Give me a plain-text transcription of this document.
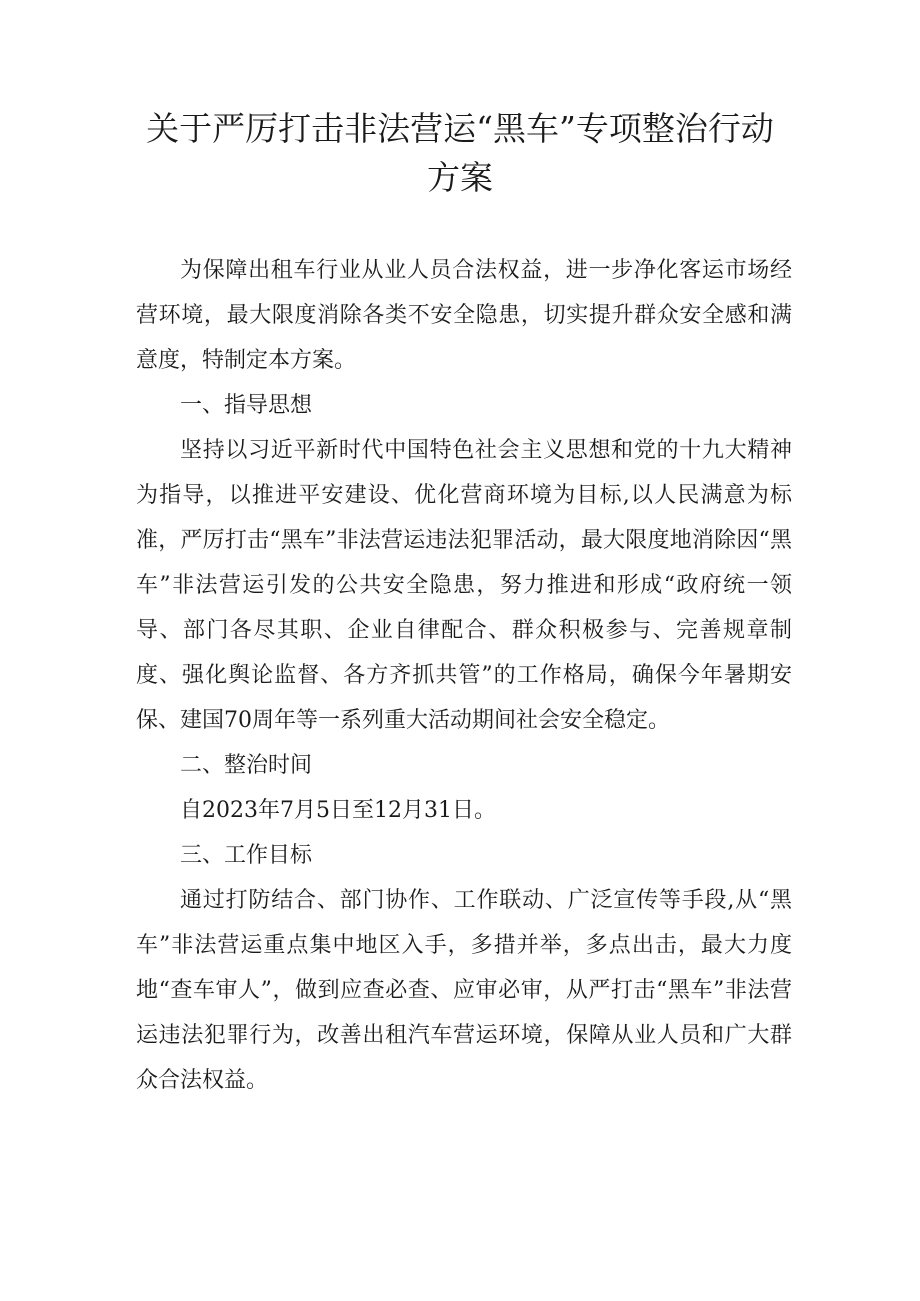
关于严厉打击非法营运“黑车”专项整治行动方案

为保障出租车行业从业人员合法权益，进一步净化客运市场经营环境，最大限度消除各类不安全隐患，切实提升群众安全感和满意度，特制定本方案。

一、指导思想

坚持以习近平新时代中国特色社会主义思想和党的十九大精神为指导，以推进平安建设、优化营商环境为目标,以人民满意为标准，严厉打击“黑车”非法营运违法犯罪活动，最大限度地消除因“黑车”非法营运引发的公共安全隐患，努力推进和形成“政府统一领导、部门各尽其职、企业自律配合、群众积极参与、完善规章制度、强化舆论监督、各方齐抓共管”的工作格局，确保今年暑期安保、建国70周年等一系列重大活动期间社会安全稳定。

二、整治时间

自2023年7月5日至12月31日。

三、工作目标

通过打防结合、部门协作、工作联动、广泛宣传等手段,从“黑车”非法营运重点集中地区入手，多措并举，多点出击，最大力度地“查车审人”，做到应查必查、应审必审，从严打击“黑车”非法营运违法犯罪行为，改善出租汽车营运环境，保障从业人员和广大群众合法权益。
